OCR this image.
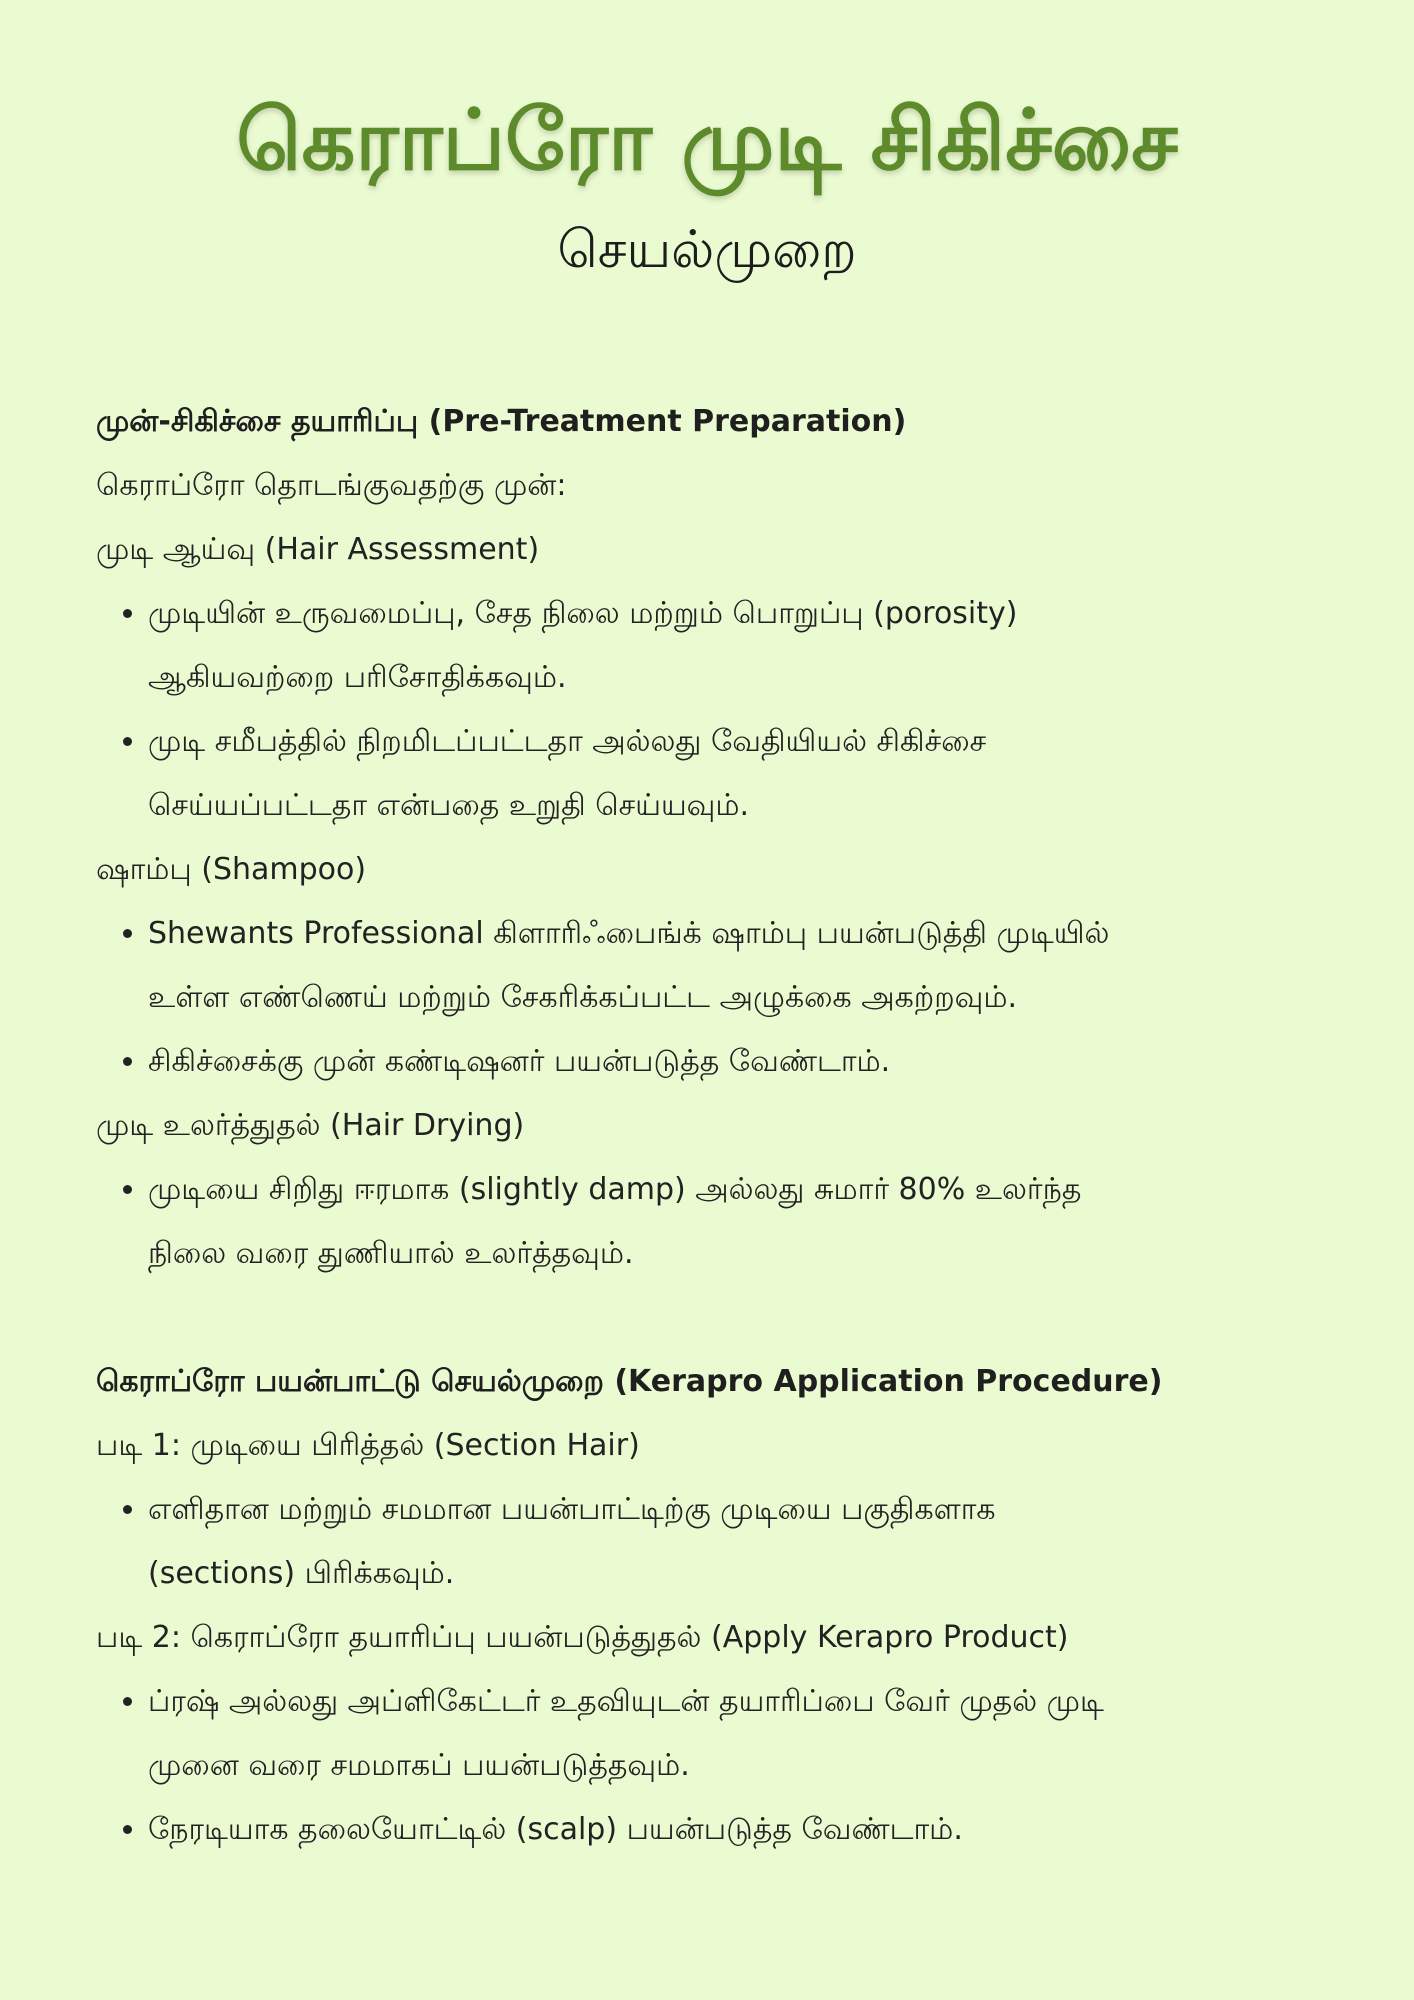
கெராப்ரோ முடி சிகிச்சை
செயல்முறை

முன்-சிகிச்சை தயாரிப்பு (Pre-Treatment Preparation)

கெராப்ரோ தொடங்குவதற்கு முன்:

முடி ஆய்வு (Hair Assessment)

• முடியின் உருவமைப்பு, சேத நிலை மற்றும் பொறுப்பு (porosity)
ஆகியவற்றை பரிசோதிக்கவும்.
• முடி சமீபத்தில் நிறமிடப்பட்டதா அல்லது வேதியியல் சிகிச்சை
செய்யப்பட்டதா என்பதை உறுதி செய்யவும்.

ஷாம்பு (Shampoo)

• Shewants Professional கிளாரிஃபைங்க் ஷாம்பு பயன்படுத்தி முடியில்
உள்ள எண்ணெய் மற்றும் சேகரிக்கப்பட்ட அழுக்கை அகற்றவும்.
• சிகிச்சைக்கு முன் கண்டிஷனர் பயன்படுத்த வேண்டாம்.

முடி உலர்த்துதல் (Hair Drying)

• முடியை சிறிது ஈரமாக (slightly damp) அல்லது சுமார் 80% உலர்ந்த
நிலை வரை துணியால் உலர்த்தவும்.

கெராப்ரோ பயன்பாட்டு செயல்முறை (Kerapro Application Procedure)

படி 1: முடியை பிரித்தல் (Section Hair)

• எளிதான மற்றும் சமமான பயன்பாட்டிற்கு முடியை பகுதிகளாக
(sections) பிரிக்கவும்.

படி 2: கெராப்ரோ தயாரிப்பு பயன்படுத்துதல் (Apply Kerapro Product)

• ப்ரஷ் அல்லது அப்ளிகேட்டர் உதவியுடன் தயாரிப்பை வேர் முதல் முடி
முனை வரை சமமாகப் பயன்படுத்தவும்.
• நேரடியாக தலையோட்டில் (scalp) பயன்படுத்த வேண்டாம்.
